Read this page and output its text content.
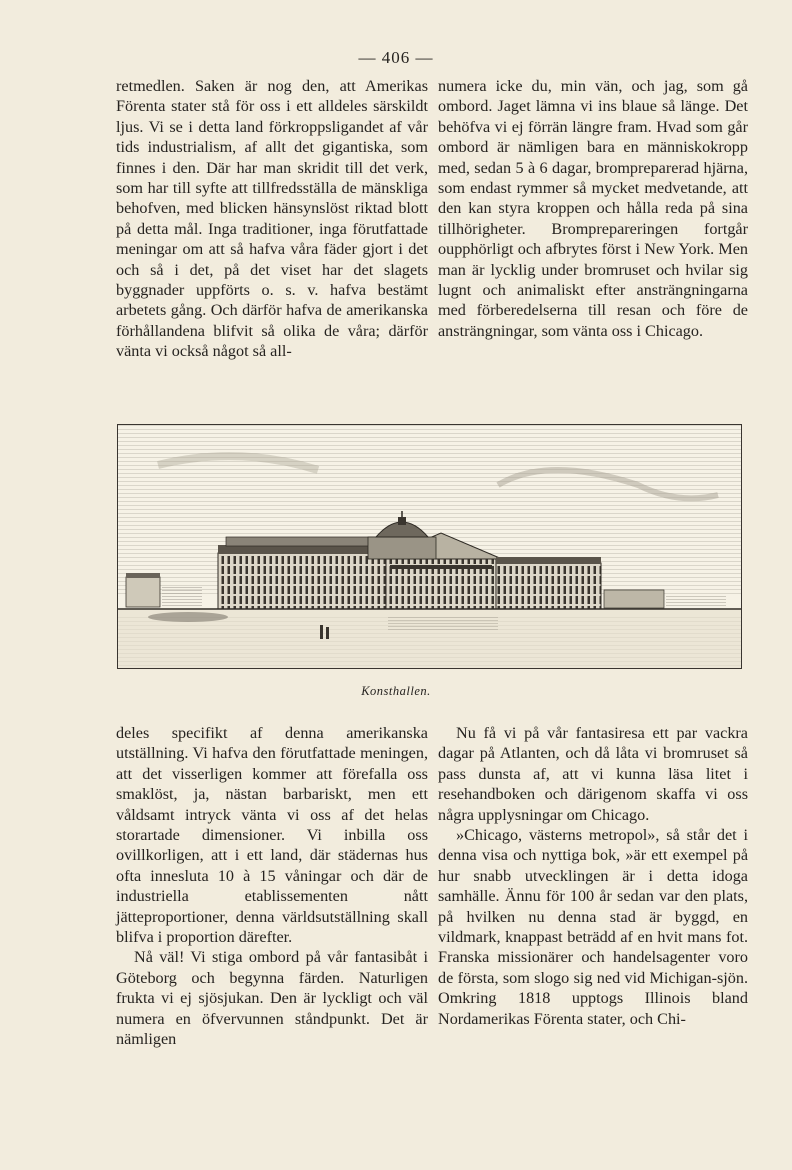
— 406 —

retmedlen. Saken är nog den, att Amerikas Förenta stater stå för oss i ett alldeles särskildt ljus. Vi se i detta land förkroppsligandet af vår tids industrialism, af allt det gigantiska, som finnes i den. Där har man skridit till det verk, som har till syfte att tillfredsställa de mänskliga behofven, med blicken hänsynslöst riktad blott på detta mål. Inga traditioner, inga förutfattade meningar om att så hafva våra fäder gjort i det och så i det, på det viset har det slagets byggnader uppförts o. s. v. hafva bestämt arbetets gång. Och därför hafva de amerikanska förhållandena blifvit så olika de våra; därför vänta vi också något så all-

numera icke du, min vän, och jag, som gå ombord. Jaget lämna vi ins blaue så länge. Det behöfva vi ej förrän längre fram. Hvad som går ombord är nämligen bara en människokropp med, sedan 5 à 6 dagar, brompreparerad hjärna, som endast rymmer så mycket medvetande, att den kan styra kroppen och hålla reda på sina tillhörigheter. Bromprepareringen fortgår oupphörligt och afbrytes först i New York. Men man är lycklig under bromruset och hvilar sig lugnt och animaliskt efter ansträngningarna med förberedelserna till resan och före de ansträngningar, som vänta oss i Chicago.

Konsthallen.

deles specifikt af denna amerikanska utställning. Vi hafva den förutfattade meningen, att det visserligen kommer att förefalla oss smaklöst, ja, nästan barbariskt, men ett våldsamt intryck vänta vi oss af det helas storartade dimensioner. Vi inbilla oss ovillkorligen, att i ett land, där städernas hus ofta innesluta 10 à 15 våningar och där de industriella etablissementen nått jätteproportioner, denna världsutställning skall blifva i proportion därefter.

Nå väl! Vi stiga ombord på vår fantasibåt i Göteborg och begynna färden. Naturligen frukta vi ej sjösjukan. Den är lyckligt och väl numera en öfvervunnen ståndpunkt. Det är nämligen

Nu få vi på vår fantasiresa ett par vackra dagar på Atlanten, och då låta vi bromruset så pass dunsta af, att vi kunna läsa litet i resehandboken och därigenom skaffa vi oss några upplysningar om Chicago.

»Chicago, västerns metropol», så står det i denna visa och nyttiga bok, »är ett exempel på hur snabb utvecklingen är i detta idoga samhälle. Ännu för 100 år sedan var den plats, på hvilken nu denna stad är byggd, en vildmark, knappast beträdd af en hvit mans fot. Franska missionärer och handelsagenter voro de första, som slogo sig ned vid Michigan-sjön. Omkring 1818 upptogs Illinois bland Nordamerikas Förenta stater, och Chi-
